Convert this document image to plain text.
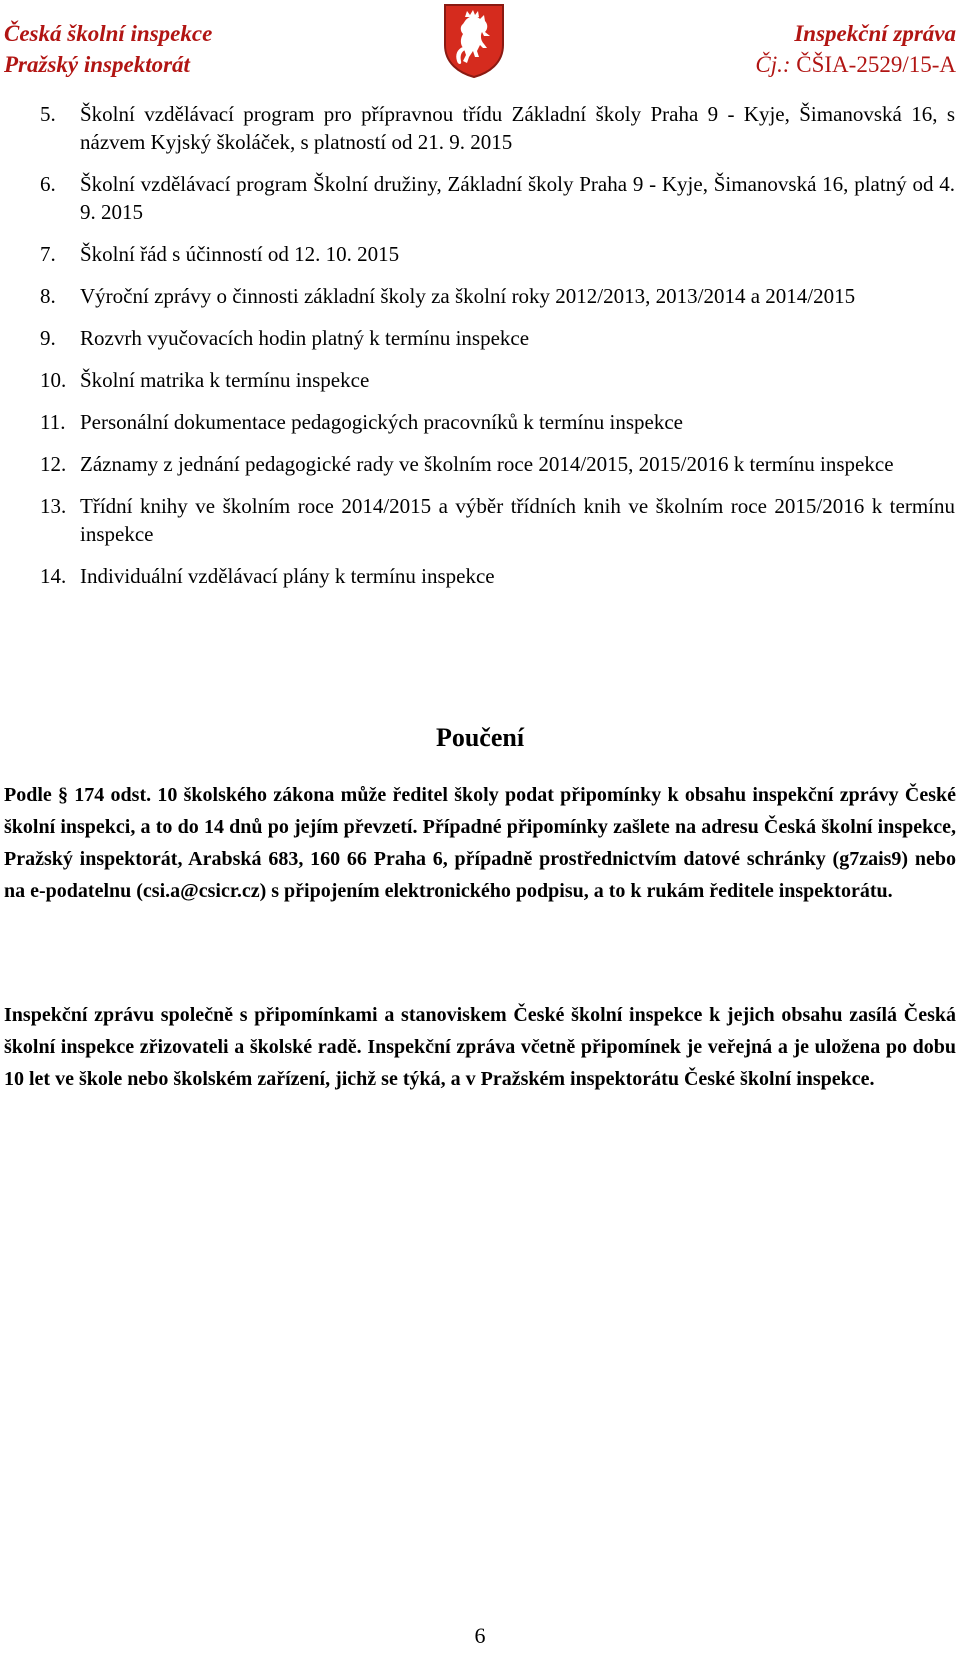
Česká školní inspekce
Pražský inspektorát
Inspekční zpráva
Čj.: ČŠIA-2529/15-A
5. Školní vzdělávací program pro přípravnou třídu Základní školy Praha 9 - Kyje, Šimanovská 16, s názvem Kyjský školáček, s platností od 21. 9. 2015
6. Školní vzdělávací program Školní družiny, Základní školy Praha 9 - Kyje, Šimanovská 16, platný od 4. 9. 2015
7. Školní řád s účinností od 12. 10. 2015
8. Výroční zprávy o činnosti základní školy za školní roky 2012/2013, 2013/2014 a 2014/2015
9. Rozvrh vyučovacích hodin platný k termínu inspekce
10. Školní matrika k termínu inspekce
11. Personální dokumentace pedagogických pracovníků k termínu inspekce
12. Záznamy z jednání pedagogické rady ve školním roce 2014/2015, 2015/2016 k termínu inspekce
13. Třídní knihy ve školním roce 2014/2015 a výběr třídních knih ve školním roce 2015/2016 k termínu inspekce
14. Individuální vzdělávací plány k termínu inspekce
Poučení

Podle § 174 odst. 10 školského zákona může ředitel školy podat připomínky k obsahu inspekční zprávy České školní inspekci, a to do 14 dnů po jejím převzetí. Případné připomínky zašlete na adresu Česká školní inspekce, Pražský inspektorát, Arabská 683, 160 66 Praha 6, případně prostřednictvím datové schránky (g7zais9) nebo na e-podatelnu (csi.a@csicr.cz) s připojením elektronického podpisu, a to k rukám ředitele inspektorátu.

Inspekční zprávu společně s připomínkami a stanoviskem České školní inspekce k jejich obsahu zasílá Česká školní inspekce zřizovateli a školské radě. Inspekční zpráva včetně připomínek je veřejná a je uložena po dobu 10 let ve škole nebo školském zařízení, jichž se týká, a v Pražském inspektorátu České školní inspekce.

6
